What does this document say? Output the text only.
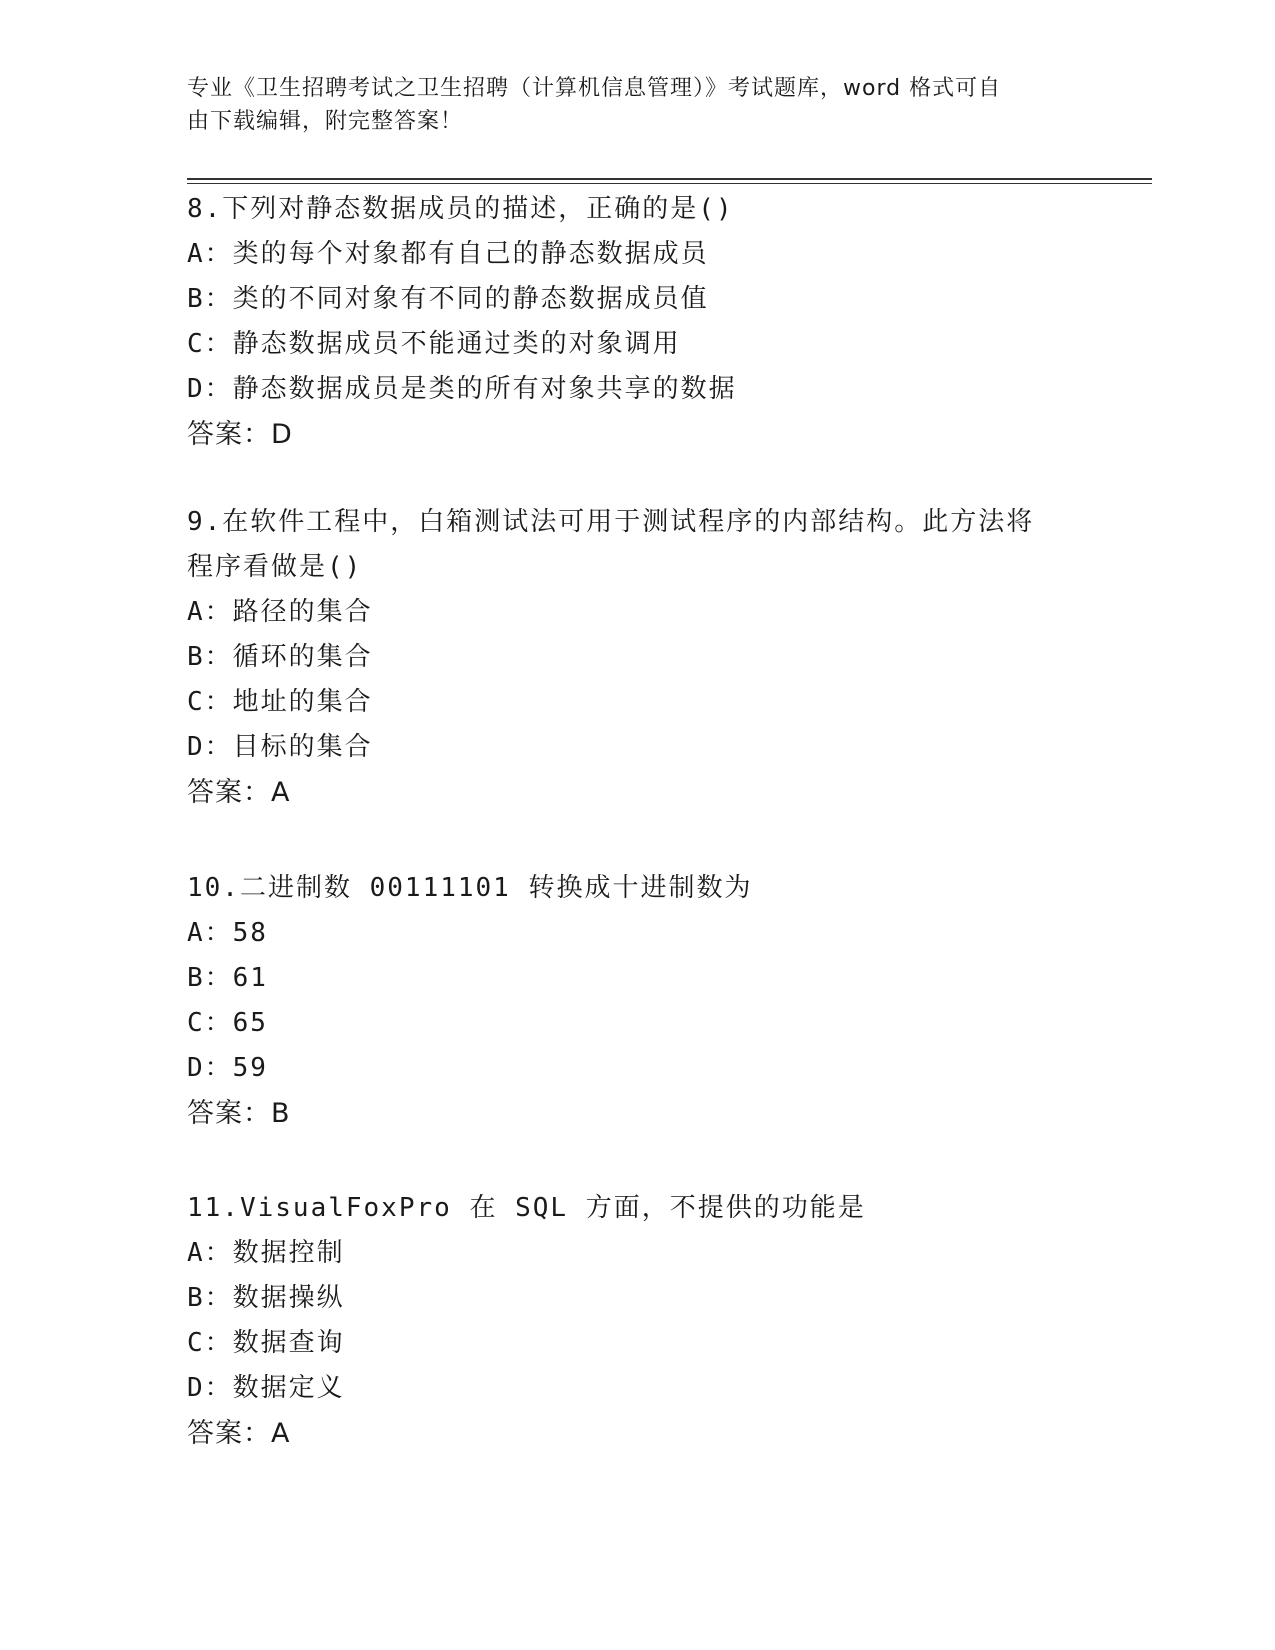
专业《卫生招聘考试之卫生招聘（计算机信息管理）》考试题库，word 格式可自
由下载编辑，附完整答案！
8.下列对静态数据成员的描述，正确的是()
A：类的每个对象都有自己的静态数据成员
B：类的不同对象有不同的静态数据成员值
C：静态数据成员不能通过类的对象调用
D：静态数据成员是类的所有对象共享的数据
答案：D
9.在软件工程中，白箱测试法可用于测试程序的内部结构。此方法将
程序看做是()
A：路径的集合
B：循环的集合
C：地址的集合
D：目标的集合
答案：A
10.二进制数 00111101 转换成十进制数为
A：58
B：61
C：65
D：59
答案：B
11.VisualFoxPro 在 SQL 方面，不提供的功能是
A：数据控制
B：数据操纵
C：数据查询
D：数据定义
答案：A
